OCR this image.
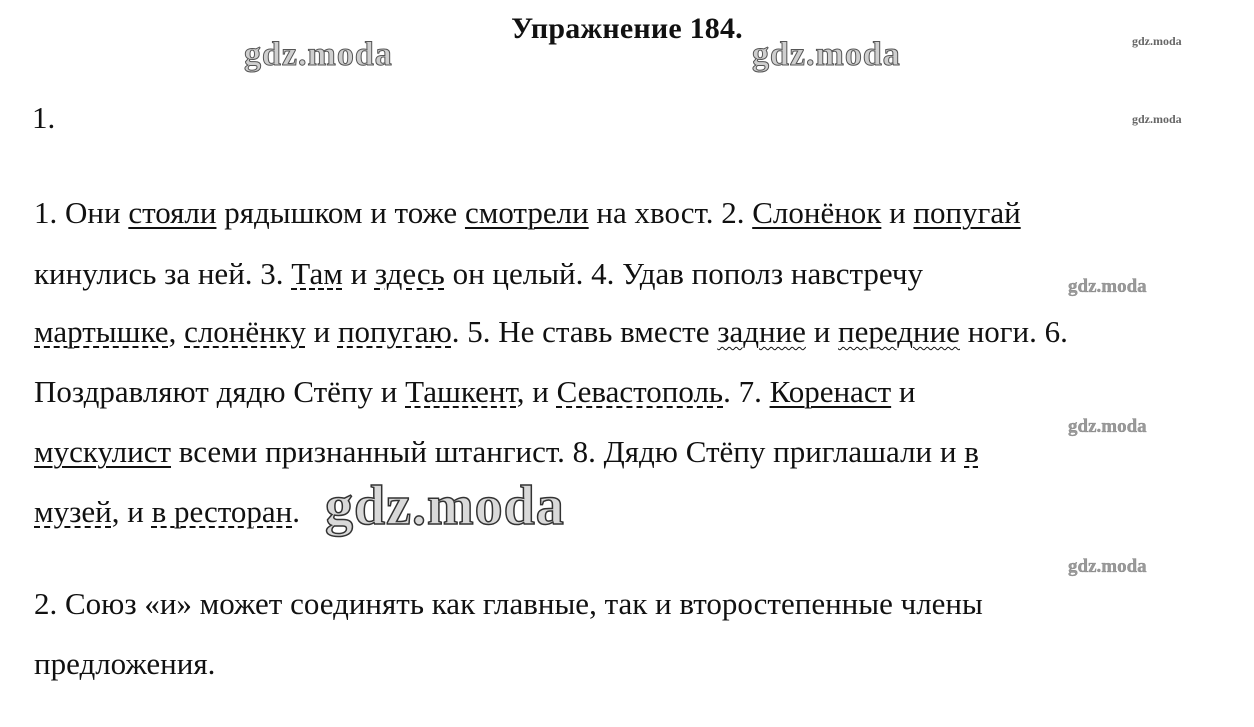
Упражнение 184.
1.
1. Они стояли рядышком и тоже смотрели на хвост. 2. Слонёнок и попугай
кинулись за ней. 3. Там и здесь он целый. 4. Удав пополз навстречу
мартышке, слонёнку и попугаю. 5. Не ставь вместе задние и передние ноги. 6.
Поздравляют дядю Стёпу и Ташкент, и Севастополь. 7. Коренаст и
мускулист всеми признанный штангист. 8. Дядю Стёпу приглашали и в
музей, и в ресторан.
2. Союз «и» может соединять как главные, так и второстепенные члены
предложения.
gdz.moda	gdz.moda
gdz.moda
gdz.moda
gdz.moda
gdz.moda
gdz.moda
gdz.moda
